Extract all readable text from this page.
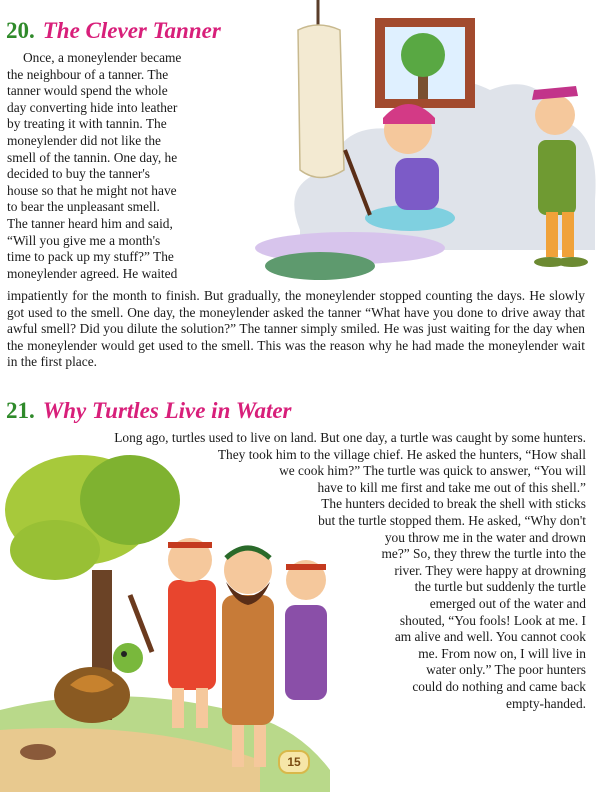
20. The Clever Tanner
Once, a moneylender became
the neighbour of a tanner. The
tanner would spend the whole
day converting hide into leather
by treating it with tannin. The
moneylender did not like the
smell of the tannin. One day, he
decided to buy the tanner's
house so that he might not have
to bear the unpleasant smell.
The tanner heard him and said,
“Will you give me a month's
time to pack up my stuff?” The
moneylender agreed. He waited

impatiently for the month to finish. But gradually, the moneylender stopped counting the days. He slowly got used to the smell. One day, the moneylender asked the tanner “What have you done to drive away that awful smell? Did you dilute the solution?” The tanner simply smiled. He was just waiting for the day when the moneylender would get used to the smell. This was the reason why he had made the moneylender wait in the first place.

21. Why Turtles Live in Water
Long ago, turtles used to live on land. But one day, a turtle was caught by some hunters.
They took him to the village chief. He asked the hunters, “How shall
we cook him?” The turtle was quick to answer, “You will
have to kill me first and take me out of this shell.”
The hunters decided to break the shell with sticks
but the turtle stopped them. He asked, “Why don't
you throw me in the water and drown
me?” So, they threw the turtle into the
river. They were happy at drowning
the turtle but suddenly the turtle
emerged out of the water and
shouted, “You fools! Look at me. I
am alive and well. You cannot cook
me. From now on, I will live in
water only.” The poor hunters
could do nothing and came back
empty-handed.
15
